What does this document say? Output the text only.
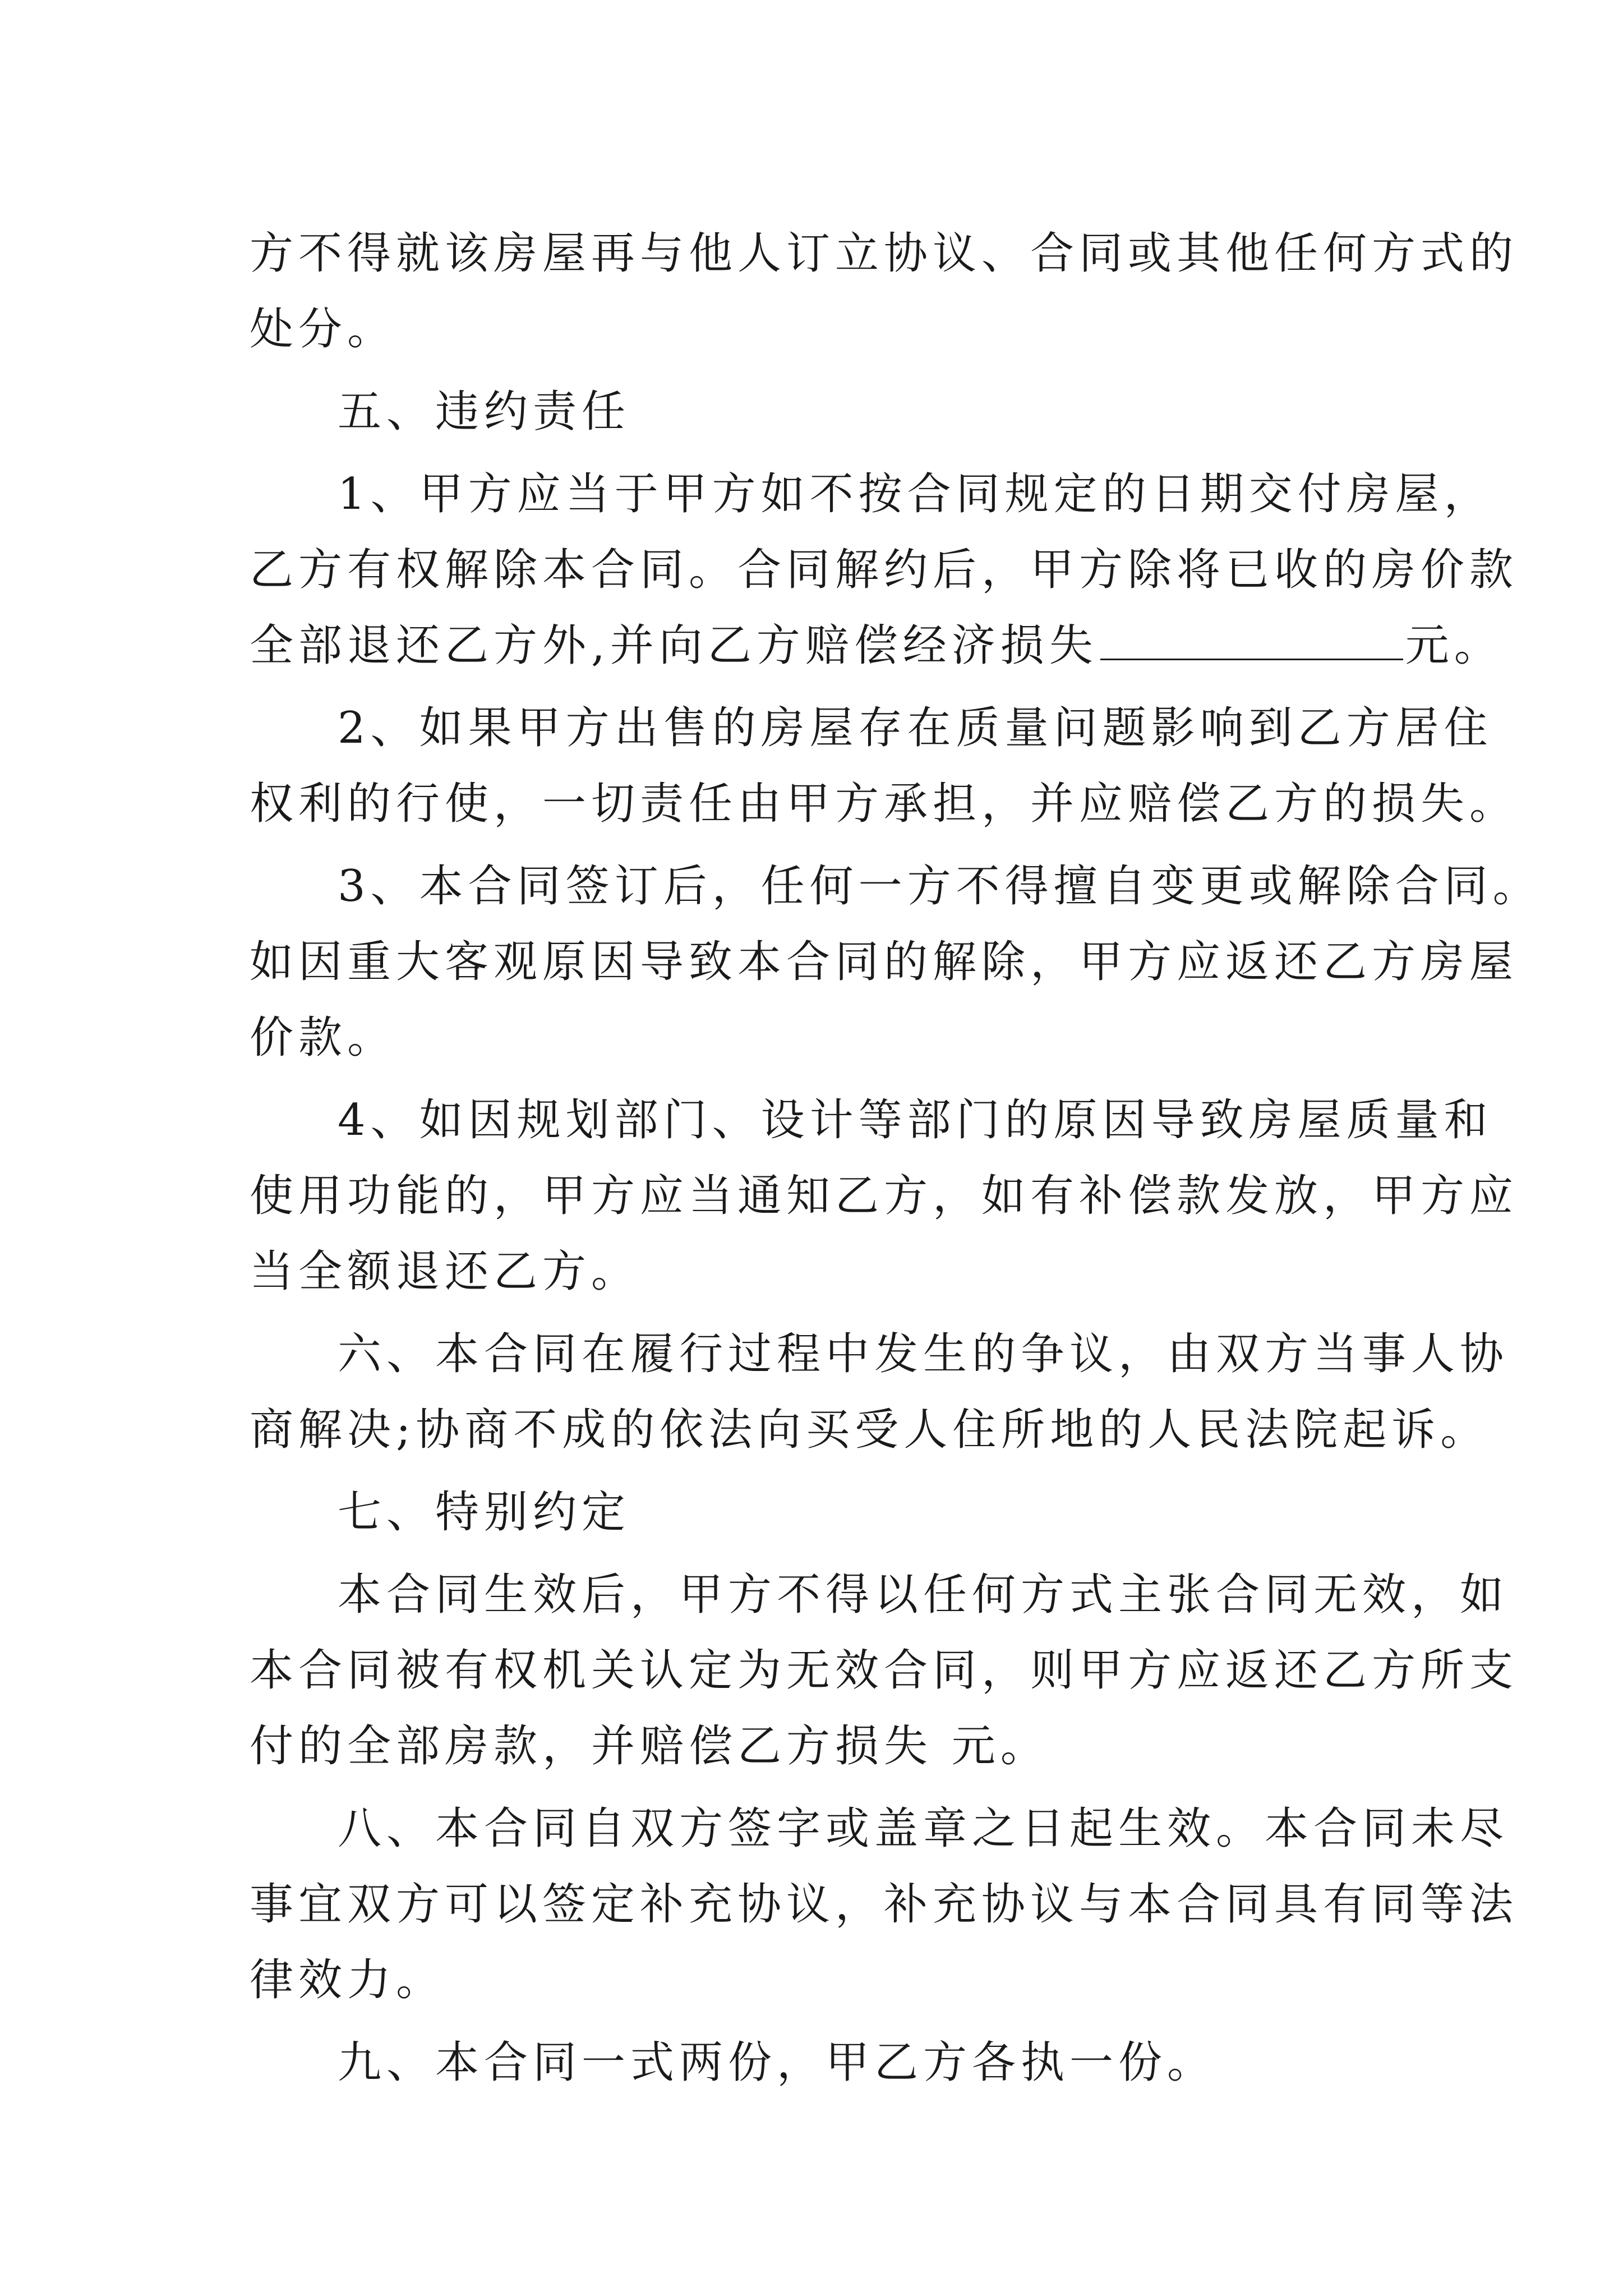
方不得就该房屋再与他人订立协议、合同或其他任何方式的
处分。
五、违约责任
1、甲方应当于甲方如不按合同规定的日期交付房屋，
乙方有权解除本合同。合同解约后，甲方除将已收的房价款
全部退还乙方外,并向乙方赔偿经济损失	元。
2、如果甲方出售的房屋存在质量问题影响到乙方居住
权利的行使，一切责任由甲方承担，并应赔偿乙方的损失。
3、本合同签订后，任何一方不得擅自变更或解除合同。
如因重大客观原因导致本合同的解除，甲方应返还乙方房屋
价款。
4、如因规划部门、设计等部门的原因导致房屋质量和
使用功能的，甲方应当通知乙方，如有补偿款发放，甲方应
当全额退还乙方。
六、本合同在履行过程中发生的争议，由双方当事人协
商解决;协商不成的依法向买受人住所地的人民法院起诉。
七、特别约定
本合同生效后，甲方不得以任何方式主张合同无效，如
本合同被有权机关认定为无效合同，则甲方应返还乙方所支
付的全部房款，并赔偿乙方损失 元。
八、本合同自双方签字或盖章之日起生效。本合同未尽
事宜双方可以签定补充协议，补充协议与本合同具有同等法
律效力。
九、本合同一式两份，甲乙方各执一份。
